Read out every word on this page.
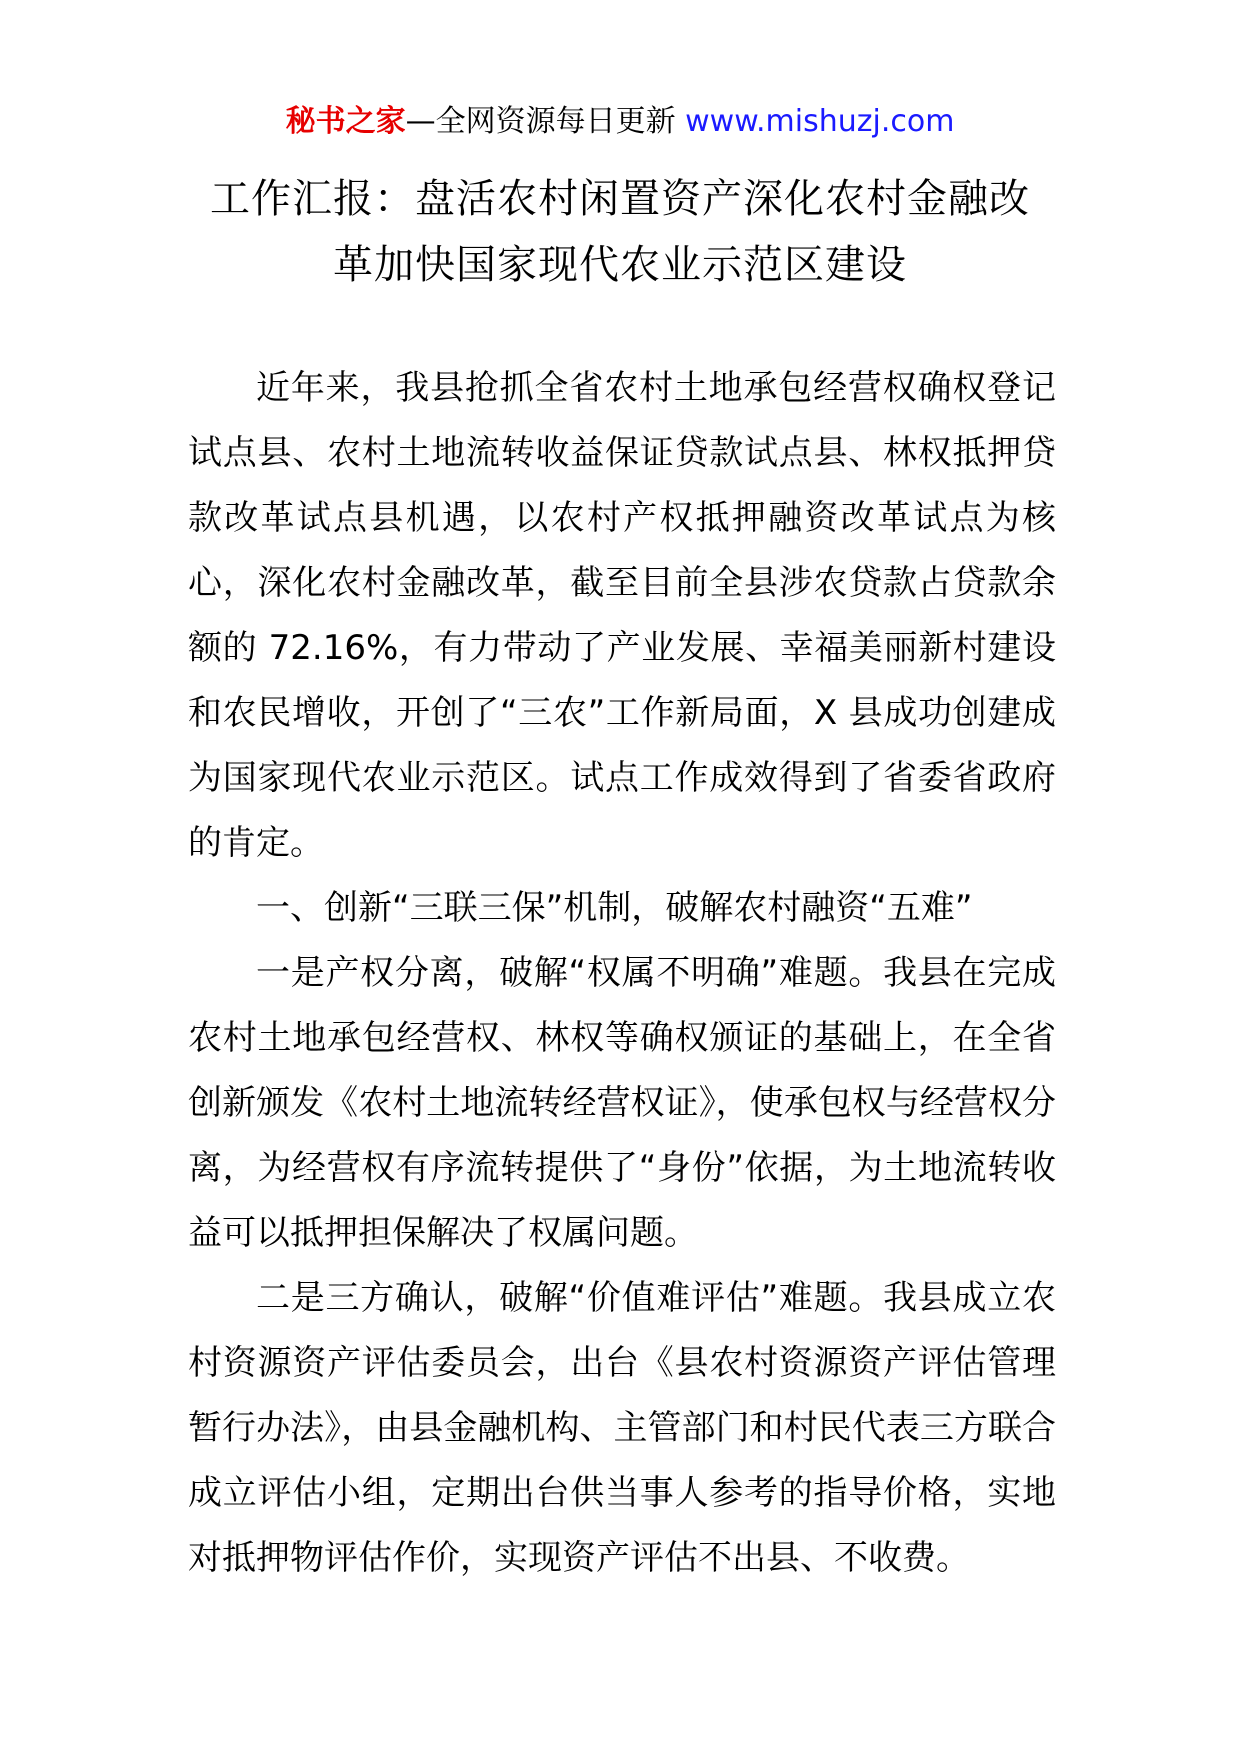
秘书之家—全网资源每日更新 www.mishuzj.com
工作汇报：盘活农村闲置资产深化农村金融改
革加快国家现代农业示范区建设

近年来，我县抢抓全省农村土地承包经营权确权登记试点县、农村土地流转收益保证贷款试点县、林权抵押贷款改革试点县机遇，以农村产权抵押融资改革试点为核心，深化农村金融改革，截至目前全县涉农贷款占贷款余额的 72.16%，有力带动了产业发展、幸福美丽新村建设和农民增收，开创了“三农”工作新局面，X 县成功创建成为国家现代农业示范区。试点工作成效得到了省委省政府的肯定。

一、创新“三联三保”机制，破解农村融资“五难”

一是产权分离，破解“权属不明确”难题。我县在完成农村土地承包经营权、林权等确权颁证的基础上，在全省创新颁发《农村土地流转经营权证》，使承包权与经营权分离，为经营权有序流转提供了“身份”依据，为土地流转收益可以抵押担保解决了权属问题。

二是三方确认，破解“价值难评估”难题。我县成立农村资源资产评估委员会，出台《县农村资源资产评估管理暂行办法》，由县金融机构、主管部门和村民代表三方联合成立评估小组，定期出台供当事人参考的指导价格，实地对抵押物评估作价，实现资产评估不出县、不收费。
